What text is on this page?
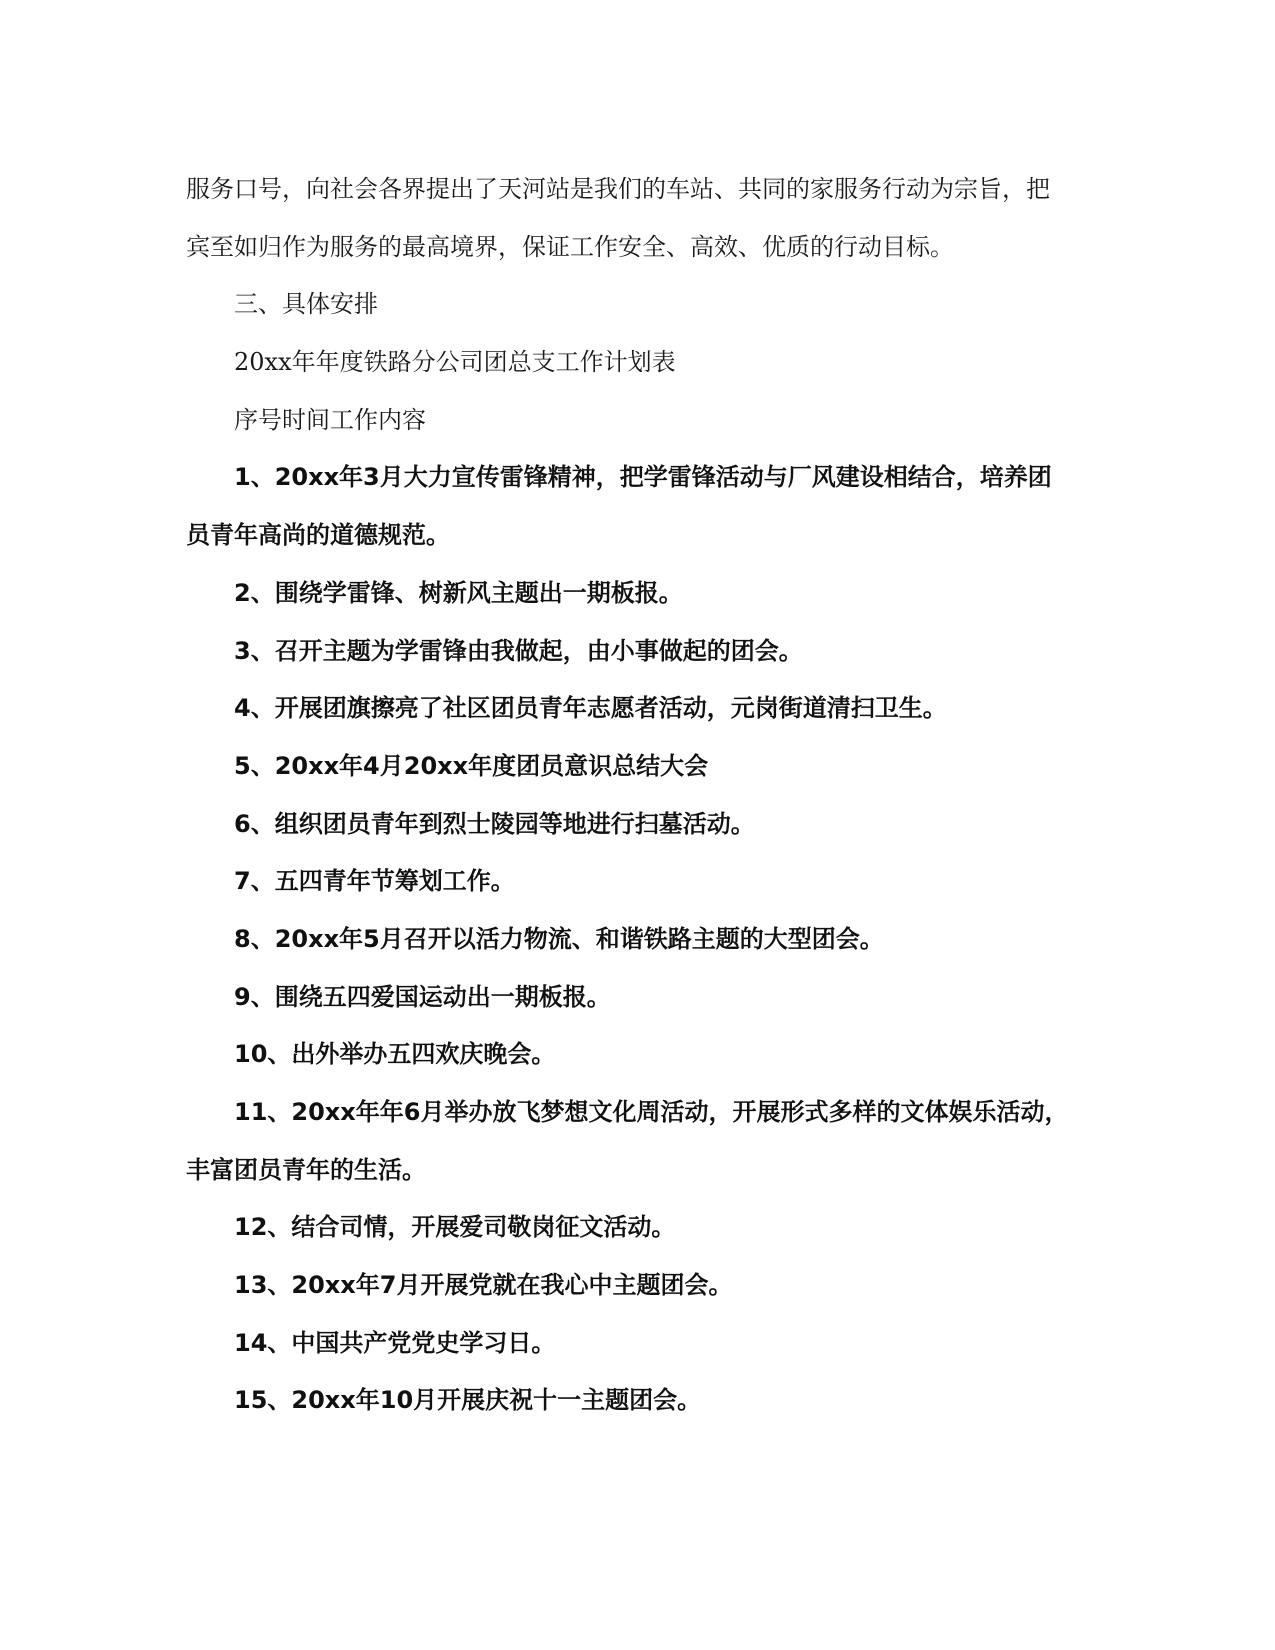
服务口号，向社会各界提出了天河站是我们的车站、共同的家服务行动为宗旨，把
宾至如归作为服务的最高境界，保证工作安全、高效、优质的行动目标。
三、具体安排
20xx年年度铁路分公司团总支工作计划表
序号时间工作内容
1、20xx年3月大力宣传雷锋精神，把学雷锋活动与厂风建设相结合，培养团
员青年高尚的道德规范。
2、围绕学雷锋、树新风主题出一期板报。
3、召开主题为学雷锋由我做起，由小事做起的团会。
4、开展团旗擦亮了社区团员青年志愿者活动，元岗街道清扫卫生。
5、20xx年4月20xx年度团员意识总结大会
6、组织团员青年到烈士陵园等地进行扫墓活动。
7、五四青年节筹划工作。
8、20xx年5月召开以活力物流、和谐铁路主题的大型团会。
9、围绕五四爱国运动出一期板报。
10、出外举办五四欢庆晚会。
11、20xx年年6月举办放飞梦想文化周活动，开展形式多样的文体娱乐活动，
丰富团员青年的生活。
12、结合司情，开展爱司敬岗征文活动。
13、20xx年7月开展党就在我心中主题团会。
14、中国共产党党史学习日。
15、20xx年10月开展庆祝十一主题团会。
